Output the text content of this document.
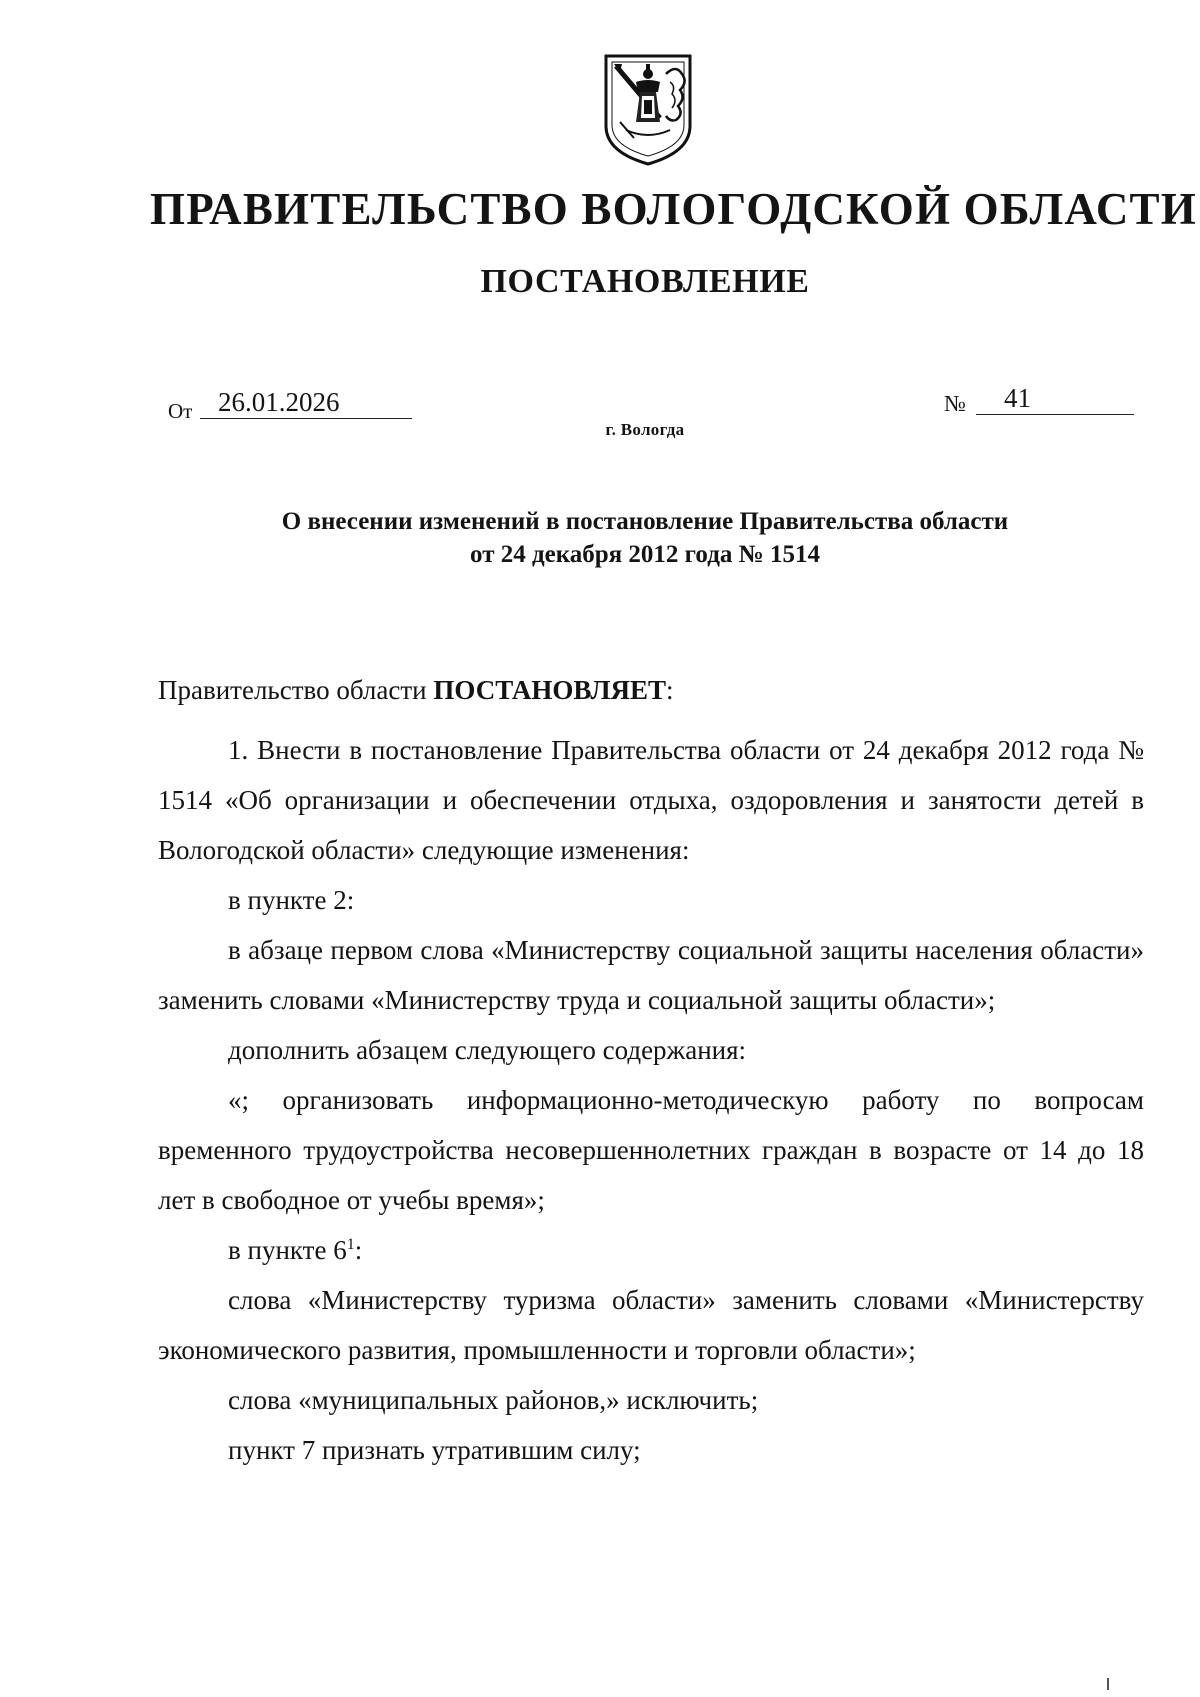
ПРАВИТЕЛЬСТВО ВОЛОГОДСКОЙ ОБЛАСТИ
ПОСТАНОВЛЕНИЕ
От 26.01.2026	№	41
г. Вологда
О внесении изменений в постановление Правительства области
от 24 декабря 2012 года № 1514

Правительство области ПОСТАНОВЛЯЕТ:

1. Внести в постановление Правительства области от 24 декабря 2012 года № 1514 «Об организации и обеспечении отдыха, оздоровления и занятости детей в Вологодской области» следующие изменения:

в пункте 2:

в абзаце первом слова «Министерству социальной защиты населения области» заменить словами «Министерству труда и социальной защиты области»;

дополнить абзацем следующего содержания:

«; организовать информационно-методическую работу по вопросам временного трудоустройства несовершеннолетних граждан в возрасте от 14 до 18 лет в свободное от учебы время»;

в пункте $6^1$:

слова «Министерству туризма области» заменить словами «Министерству экономического развития, промышленности и торговли области»;

слова «муниципальных районов,» исключить;

пункт 7 признать утратившим силу;
